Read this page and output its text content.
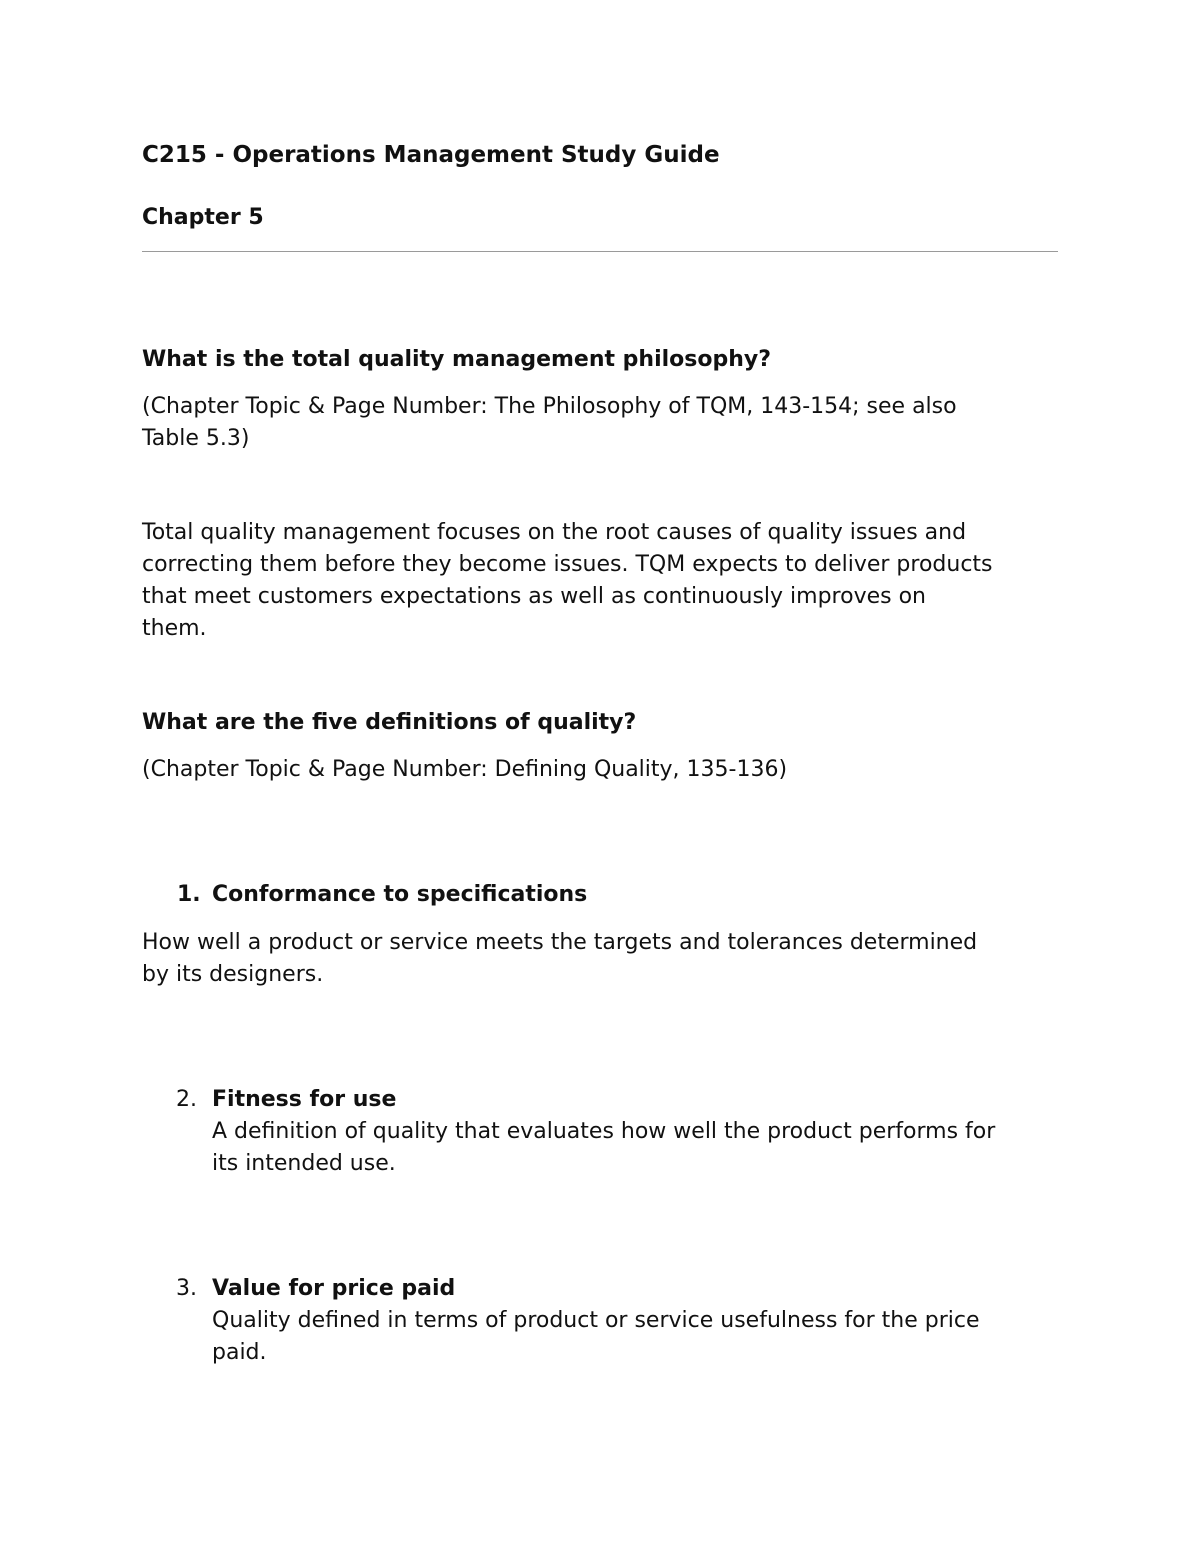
C215 - Operations Management Study Guide

Chapter 5

What is the total quality management philosophy?

(Chapter Topic & Page Number: The Philosophy of TQM, 143-154; see also

Table 5.3)

Total quality management focuses on the root causes of quality issues and
correcting them before they become issues. TQM expects to deliver products
that meet customers expectations as well as continuously improves on
them.

What are the five definitions of quality?

(Chapter Topic & Page Number: Defining Quality, 135-136)

1. Conformance to specifications
How well a product or service meets the targets and tolerances determined
by its designers.
2. Fitness for use
A definition of quality that evaluates how well the product performs for
its intended use.
3. Value for price paid
Quality defined in terms of product or service usefulness for the price
paid.
